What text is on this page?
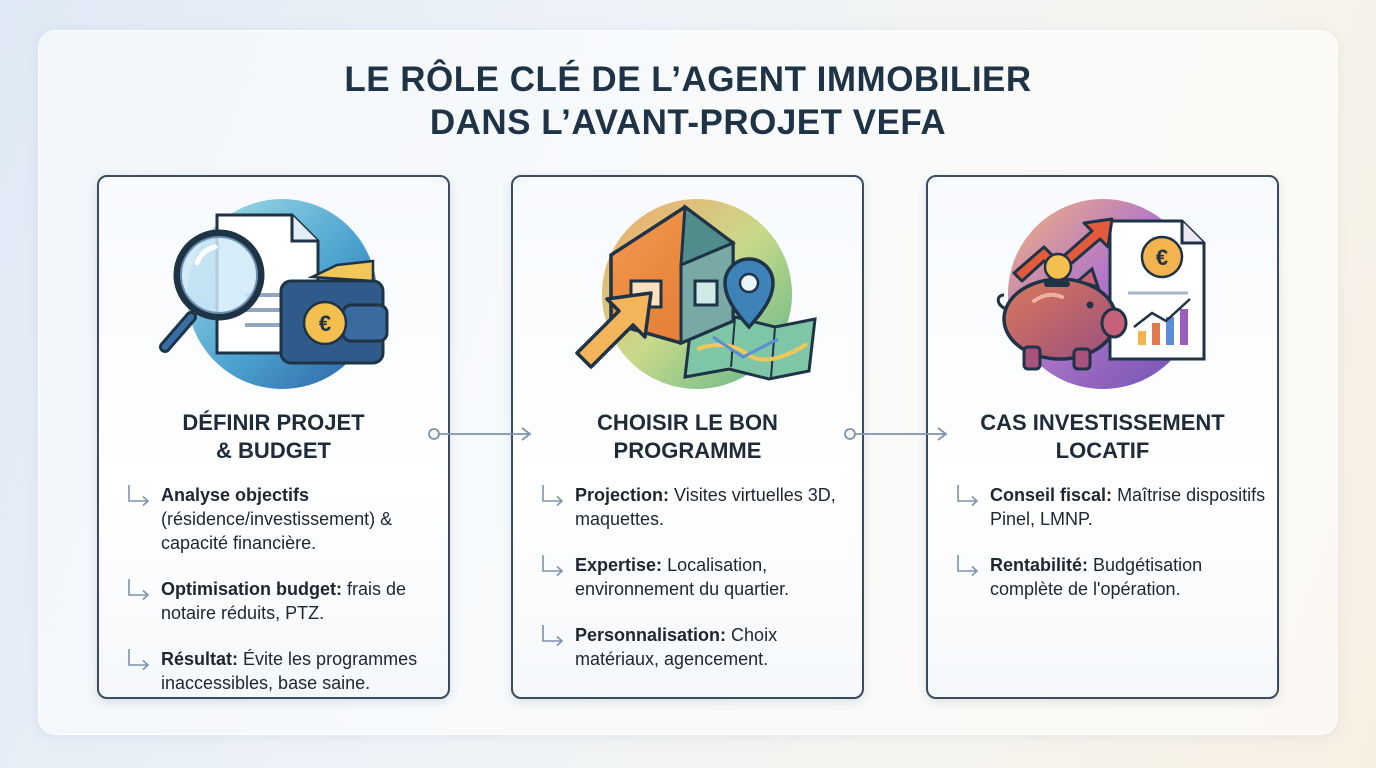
LE RÔLE CLÉ DE L’AGENT IMMOBILIER
DANS L’AVANT-PROJET VEFA
€
DÉFINIR PROJET
& BUDGET
Analyse objectifs (résidence/investissement) & capacité financière.
Optimisation budget: frais de notaire réduits, PTZ.
Résultat: Évite les programmes inaccessibles, base saine.
CHOISIR LE BON
PROGRAMME
Projection: Visites virtuelles 3D, maquettes.
Expertise: Localisation, environnement du quartier.
Personnalisation: Choix matériaux, agencement.
€
CAS INVESTISSEMENT
LOCATIF
Conseil fiscal: Maîtrise dispositifs Pinel, LMNP.
Rentabilité: Budgétisation complète de l'opération.
